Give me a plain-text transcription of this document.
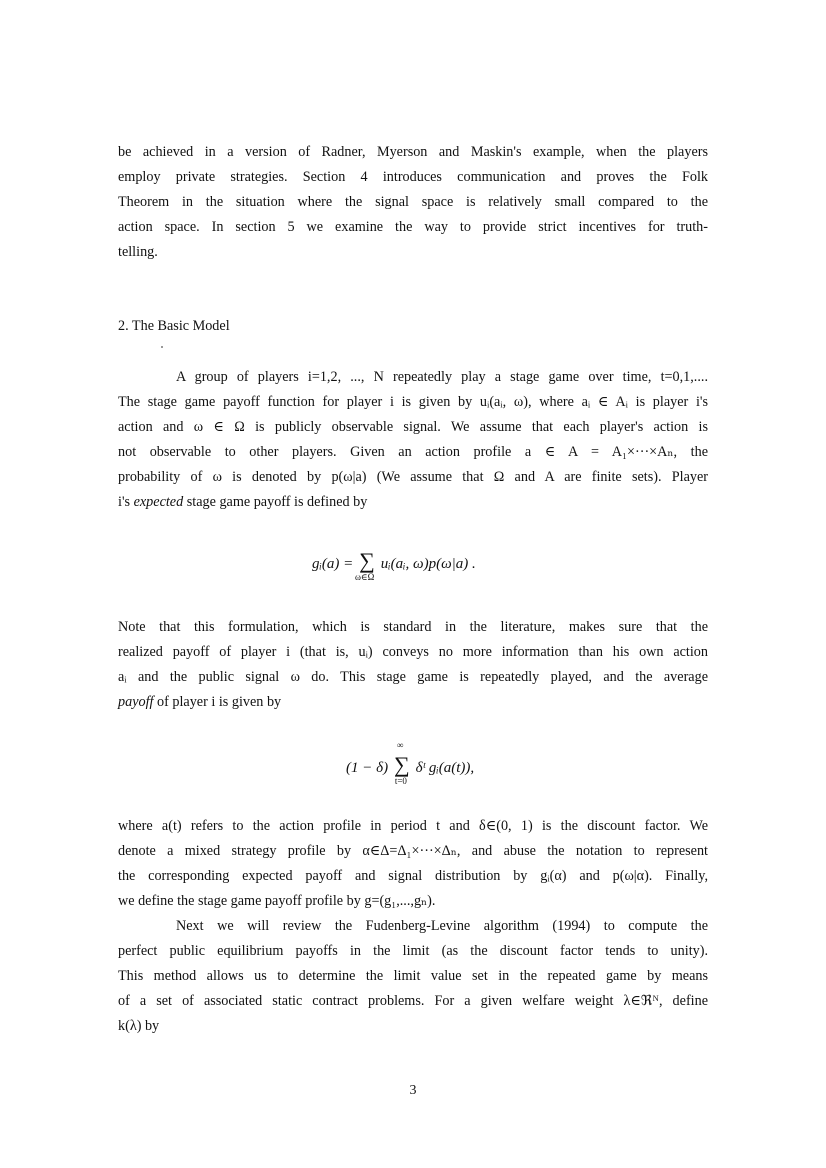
be achieved in a version of Radner, Myerson and Maskin's example, when the players
employ private strategies. Section 4 introduces communication and proves the Folk
Theorem in the situation where the signal space is relatively small compared to the
action space. In section 5 we examine the way to provide strict incentives for truth-
telling.

2. The Basic Model

A group of players i=1,2, ..., N repeatedly play a stage game over time, t=0,1,....
The stage game payoff function for player i is given by uᵢ(aᵢ, ω), where aᵢ ∈ Aᵢ is player i's
action and ω ∈ Ω is publicly observable signal. We assume that each player's action is
not observable to other players. Given an action profile a ∈ A = A₁×···×Aₙ, the
probability of ω is denoted by p(ω|a) (We assume that Ω and A are finite sets). Player
i's expected stage game payoff is defined by
gᵢ(a) = ∑
ω∈Ω
uᵢ(aᵢ, ω)p(ω|a) .
Note that this formulation, which is standard in the literature, makes sure that the
realized payoff of player i (that is, uᵢ) conveys no more information than his own action
aᵢ and the public signal ω do. This stage game is repeatedly played, and the average
payoff of player i is given by
(1 − δ)
∞
∑
t=0
δᵗ gᵢ(a(t)),
where a(t) refers to the action profile in period t and δ∈(0, 1) is the discount factor. We
denote a mixed strategy profile by α∈Δ=Δ₁×···×Δₙ, and abuse the notation to represent
the corresponding expected payoff and signal distribution by gᵢ(α) and p(ω|α). Finally,
we define the stage game payoff profile by g=(g₁,...,gₙ).
Next we will review the Fudenberg-Levine algorithm (1994) to compute the
perfect public equilibrium payoffs in the limit (as the discount factor tends to unity).
This method allows us to determine the limit value set in the repeated game by means
of a set of associated static contract problems. For a given welfare weight λ∈ℜᴺ, define
k(λ) by
3
